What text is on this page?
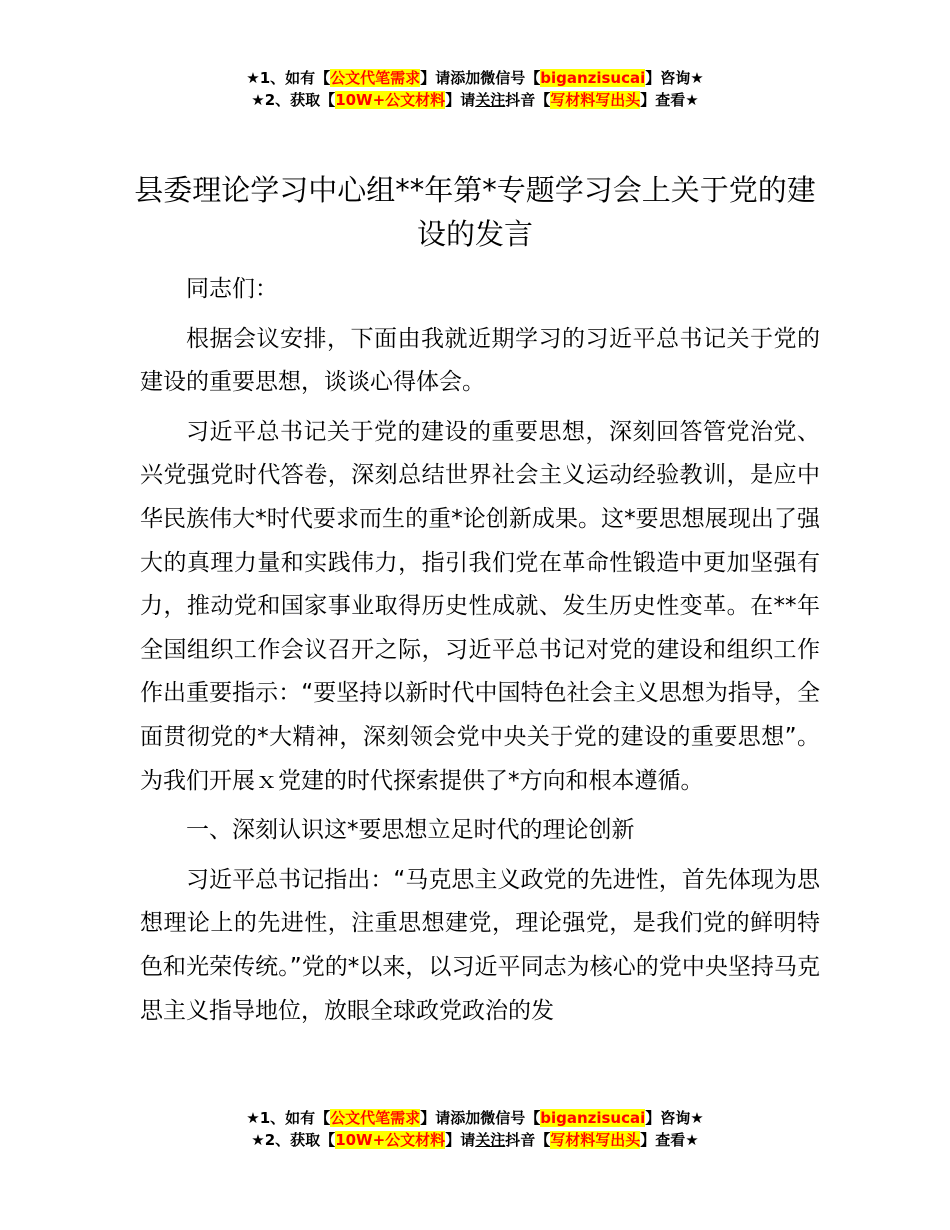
★1、如有【公文代笔需求】请添加微信号【biganzisucai】咨询★
★2、获取【10W+公文材料】请关注抖音【写材料写出头】查看★
县委理论学习中心组**年第*专题学习会上关于党的建设的发言

同志们：

根据会议安排，下面由我就近期学习的习近平总书记关于党的建设的重要思想，谈谈心得体会。

习近平总书记关于党的建设的重要思想，深刻回答管党治党、兴党强党时代答卷，深刻总结世界社会主义运动经验教训，是应中华民族伟大*时代要求而生的重*论创新成果。这*要思想展现出了强大的真理力量和实践伟力，指引我们党在革命性锻造中更加坚强有力，推动党和国家事业取得历史性成就、发生历史性变革。在**年全国组织工作会议召开之际，习近平总书记对党的建设和组织工作作出重要指示：“要坚持以新时代中国特色社会主义思想为指导，全面贯彻党的*大精神，深刻领会党中央关于党的建设的重要思想”。为我们开展ｘ党建的时代探索提供了*方向和根本遵循。

一、深刻认识这*要思想立足时代的理论创新

习近平总书记指出：“马克思主义政党的先进性，首先体现为思想理论上的先进性，注重思想建党，理论强党，是我们党的鲜明特色和光荣传统。”党的*以来，以习近平同志为核心的党中央坚持马克思主义指导地位，放眼全球政党政治的发

★1、如有【公文代笔需求】请添加微信号【biganzisucai】咨询★
★2、获取【10W+公文材料】请关注抖音【写材料写出头】查看★
